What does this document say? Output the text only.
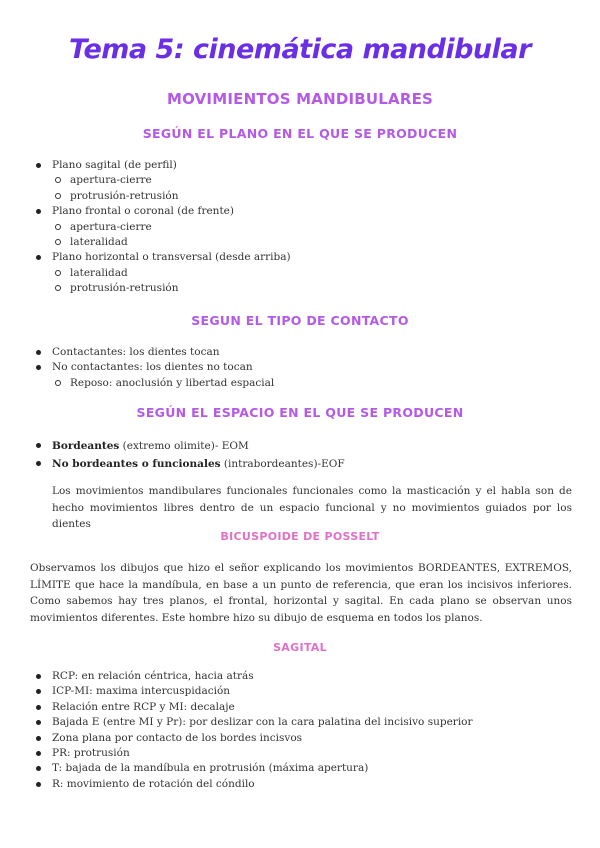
Tema 5: cinemática mandibular
MOVIMIENTOS MANDIBULARES
SEGÚN EL PLANO EN EL QUE SE PRODUCEN
Plano sagital (de perfil)
apertura-cierre
protrusión-retrusión
Plano frontal o coronal (de frente)
apertura-cierre
lateralidad
Plano horizontal o transversal (desde arriba)
lateralidad
protrusión-retrusión
SEGUN EL TIPO DE CONTACTO
Contactantes: los dientes tocan
No contactantes: los dientes no tocan
Reposo: anoclusión y libertad espacial
SEGÚN EL ESPACIO EN EL QUE SE PRODUCEN
Bordeantes (extremo olimite)- EOM
No bordeantes o funcionales (intrabordeantes)-EOF

Los movimientos mandibulares funcionales funcionales como la masticación y el habla son de hecho movimientos libres dentro de un espacio funcional y no movimientos guiados por los dientes

BICUSPOIDE DE POSSELT

Observamos los dibujos que hizo el señor explicando los movimientos BORDEANTES, EXTREMOS, LÍMITE que hace la mandíbula, en base a un punto de referencia, que eran los incisivos inferiores. Como sabemos hay tres planos, el frontal, horizontal y sagital. En cada plano se observan unos movimientos diferentes. Este hombre hizo su dibujo de esquema en todos los planos.

SAGITAL
RCP: en relación céntrica, hacia atrás
ICP-MI: maxima intercuspidación
Relación entre RCP y MI: decalaje
Bajada E (entre MI y Pr): por deslizar con la cara palatina del incisivo superior
Zona plana por contacto de los bordes incisvos
PR: protrusión
T: bajada de la mandíbula en protrusión (máxima apertura)
R: movimiento de rotación del cóndilo
